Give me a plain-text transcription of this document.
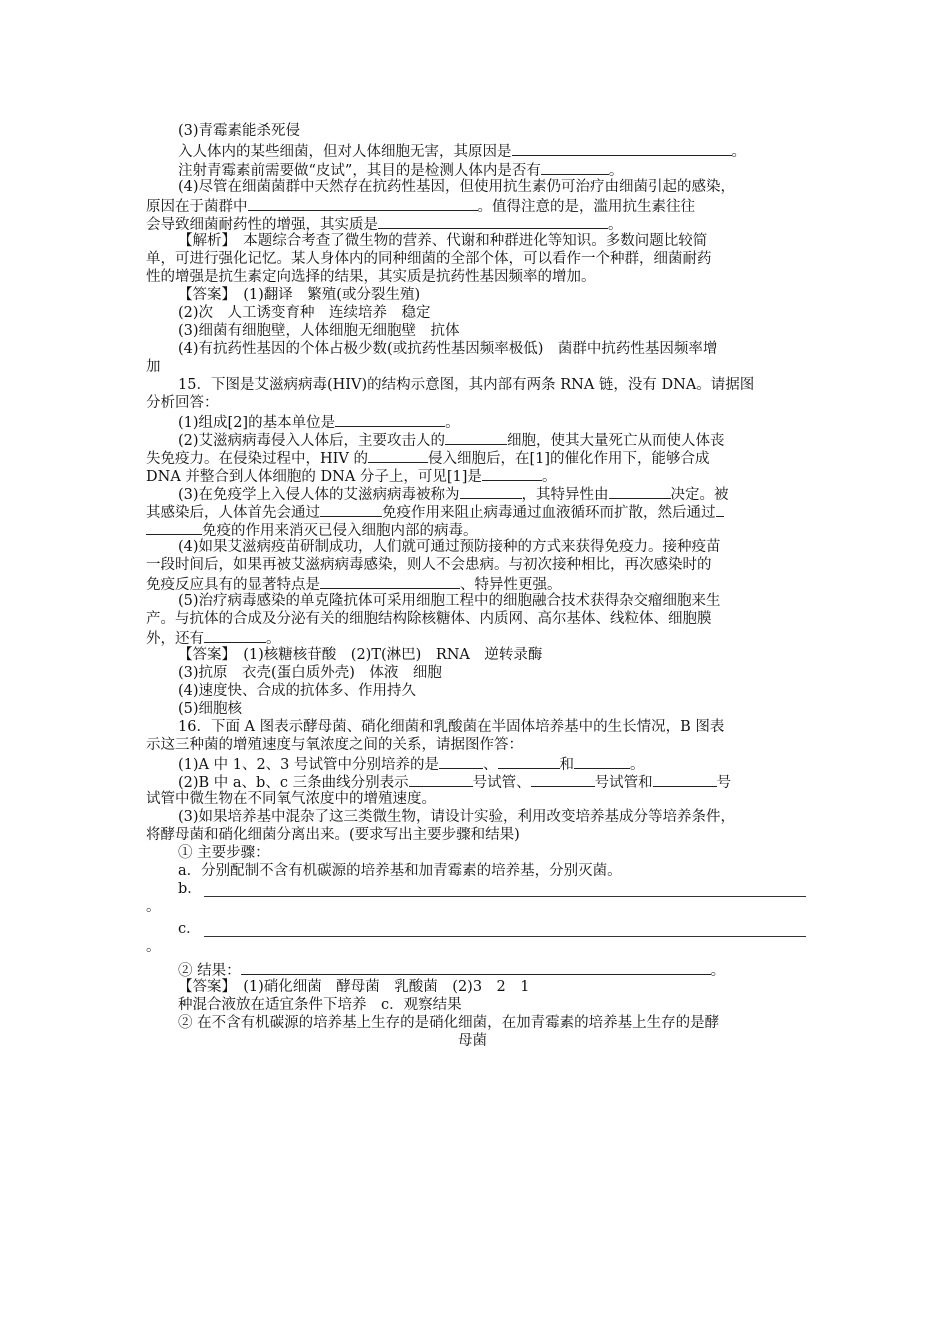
(3)青霉素能杀死侵
入人体内的某些细菌，但对人体细胞无害，其原因是	。
注射青霉素前需要做“皮试”，其目的是检测人体内是否有	。
(4)尽管在细菌菌群中天然存在抗药性基因，但使用抗生素仍可治疗由细菌引起的感染，
原因在于菌群中	。值得注意的是，滥用抗生素往往
会导致细菌耐药性的增强，其实质是	。
【解析】　本题综合考查了微生物的营养、代谢和种群进化等知识。多数问题比较简
单，可进行强化记忆。某人身体内的同种细菌的全部个体，可以看作一个种群，细菌耐药
性的增强是抗生素定向选择的结果，其实质是抗药性基因频率的增加。
【答案】　(1)翻译　繁殖(或分裂生殖)
(2)次　人工诱变育种　连续培养　稳定
(3)细菌有细胞壁，人体细胞无细胞壁　抗体
(4)有抗药性基因的个体占极少数(或抗药性基因频率极低)　菌群中抗药性基因频率增
加
15．下图是艾滋病病毒(HIV)的结构示意图，其内部有两条 RNA 链，没有 DNA。请据图
分析回答：
(1)组成[2]的基本单位是	。
(2)艾滋病病毒侵入人体后，主要攻击人的	细胞，使其大量死亡从而使人体丧
失免疫力。在侵染过程中，HIV 的	侵入细胞后，在[1]的催化作用下，能够合成
DNA 并整合到人体细胞的 DNA 分子上，可见[1]是	。
(3)在免疫学上入侵人体的艾滋病病毒被称为	，其特异性由	决定。被
其感染后，人体首先会通过	免疫作用来阻止病毒通过血液循环而扩散，然后通过
免疫的作用来消灭已侵入细胞内部的病毒。
(4)如果艾滋病疫苗研制成功，人们就可通过预防接种的方式来获得免疫力。接种疫苗
一段时间后，如果再被艾滋病病毒感染，则人不会患病。与初次接种相比，再次感染时的
免疫反应具有的显著特点是	、特异性更强。
(5)治疗病毒感染的单克隆抗体可采用细胞工程中的细胞融合技术获得杂交瘤细胞来生
产。与抗体的合成及分泌有关的细胞结构除核糖体、内质网、高尔基体、线粒体、细胞膜
外，还有	。
【答案】　(1)核糖核苷酸　(2)T(淋巴)　RNA　逆转录酶
(3)抗原　衣壳(蛋白质外壳)　体液　细胞
(4)速度快、合成的抗体多、作用持久
(5)细胞核
16．下面 A 图表示酵母菌、硝化细菌和乳酸菌在半固体培养基中的生长情况，B 图表
示这三种菌的增殖速度与氧浓度之间的关系，请据图作答：
(1)A 中 1、2、3 号试管中分别培养的是	、	和	。
(2)B 中 a、b、c 三条曲线分别表示	号试管、	号试管和	号
试管中微生物在不同氧气浓度中的增殖速度。
(3)如果培养基中混杂了这三类微生物，请设计实验，利用改变培养基成分等培养条件，
将酵母菌和硝化细菌分离出来。(要求写出主要步骤和结果)
① 主要步骤：
a．分别配制不含有机碳源的培养基和加青霉素的培养基，分别灭菌。
b．
。
c．
。
② 结果：	。
【答案】　(1)硝化细菌　酵母菌　乳酸菌　(2)3　2　1
种混合液放在适宜条件下培养　c．观察结果
② 在不含有机碳源的培养基上生存的是硝化细菌，在加青霉素的培养基上生存的是酵
母菌
